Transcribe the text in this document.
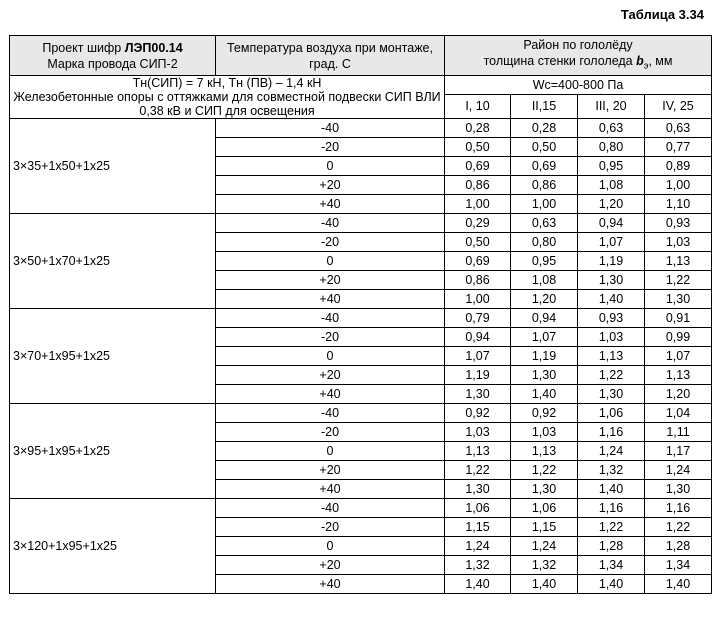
Таблица 3.34
Проект шифр ЛЭП00.14
Марка провода СИП-2	Температура воздуха при монтаже, град. С	Район по гололёду
толщина стенки гололеда $b_э$, мм			
Тн(СИП) = 7 кН, Тн (ПВ) – 1,4 кН
Железобетонные опоры с оттяжками для совместной подвески СИП ВЛИ 0,38 кВ и СИП для освещения		Wс=400-800 Па			
		I, 10	II,15	III, 20	IV, 25
3×35+1х50+1х25	-40	0,28	0,28	0,63	0,63
	-20	0,50	0,50	0,80	0,77
	0	0,69	0,69	0,95	0,89
	+20	0,86	0,86	1,08	1,00
	+40	1,00	1,00	1,20	1,10
3×50+1х70+1х25	-40	0,29	0,63	0,94	0,93
	-20	0,50	0,80	1,07	1,03
	0	0,69	0,95	1,19	1,13
	+20	0,86	1,08	1,30	1,22
	+40	1,00	1,20	1,40	1,30
3×70+1х95+1х25	-40	0,79	0,94	0,93	0,91
	-20	0,94	1,07	1,03	0,99
	0	1,07	1,19	1,13	1,07
	+20	1,19	1,30	1,22	1,13
	+40	1,30	1,40	1,30	1,20
3×95+1х95+1х25	-40	0,92	0,92	1,06	1,04
	-20	1,03	1,03	1,16	1,11
	0	1,13	1,13	1,24	1,17
	+20	1,22	1,22	1,32	1,24
	+40	1,30	1,30	1,40	1,30
3×120+1х95+1х25	-40	1,06	1,06	1,16	1,16
	-20	1,15	1,15	1,22	1,22
	0	1,24	1,24	1,28	1,28
	+20	1,32	1,32	1,34	1,34
	+40	1,40	1,40	1,40	1,40
